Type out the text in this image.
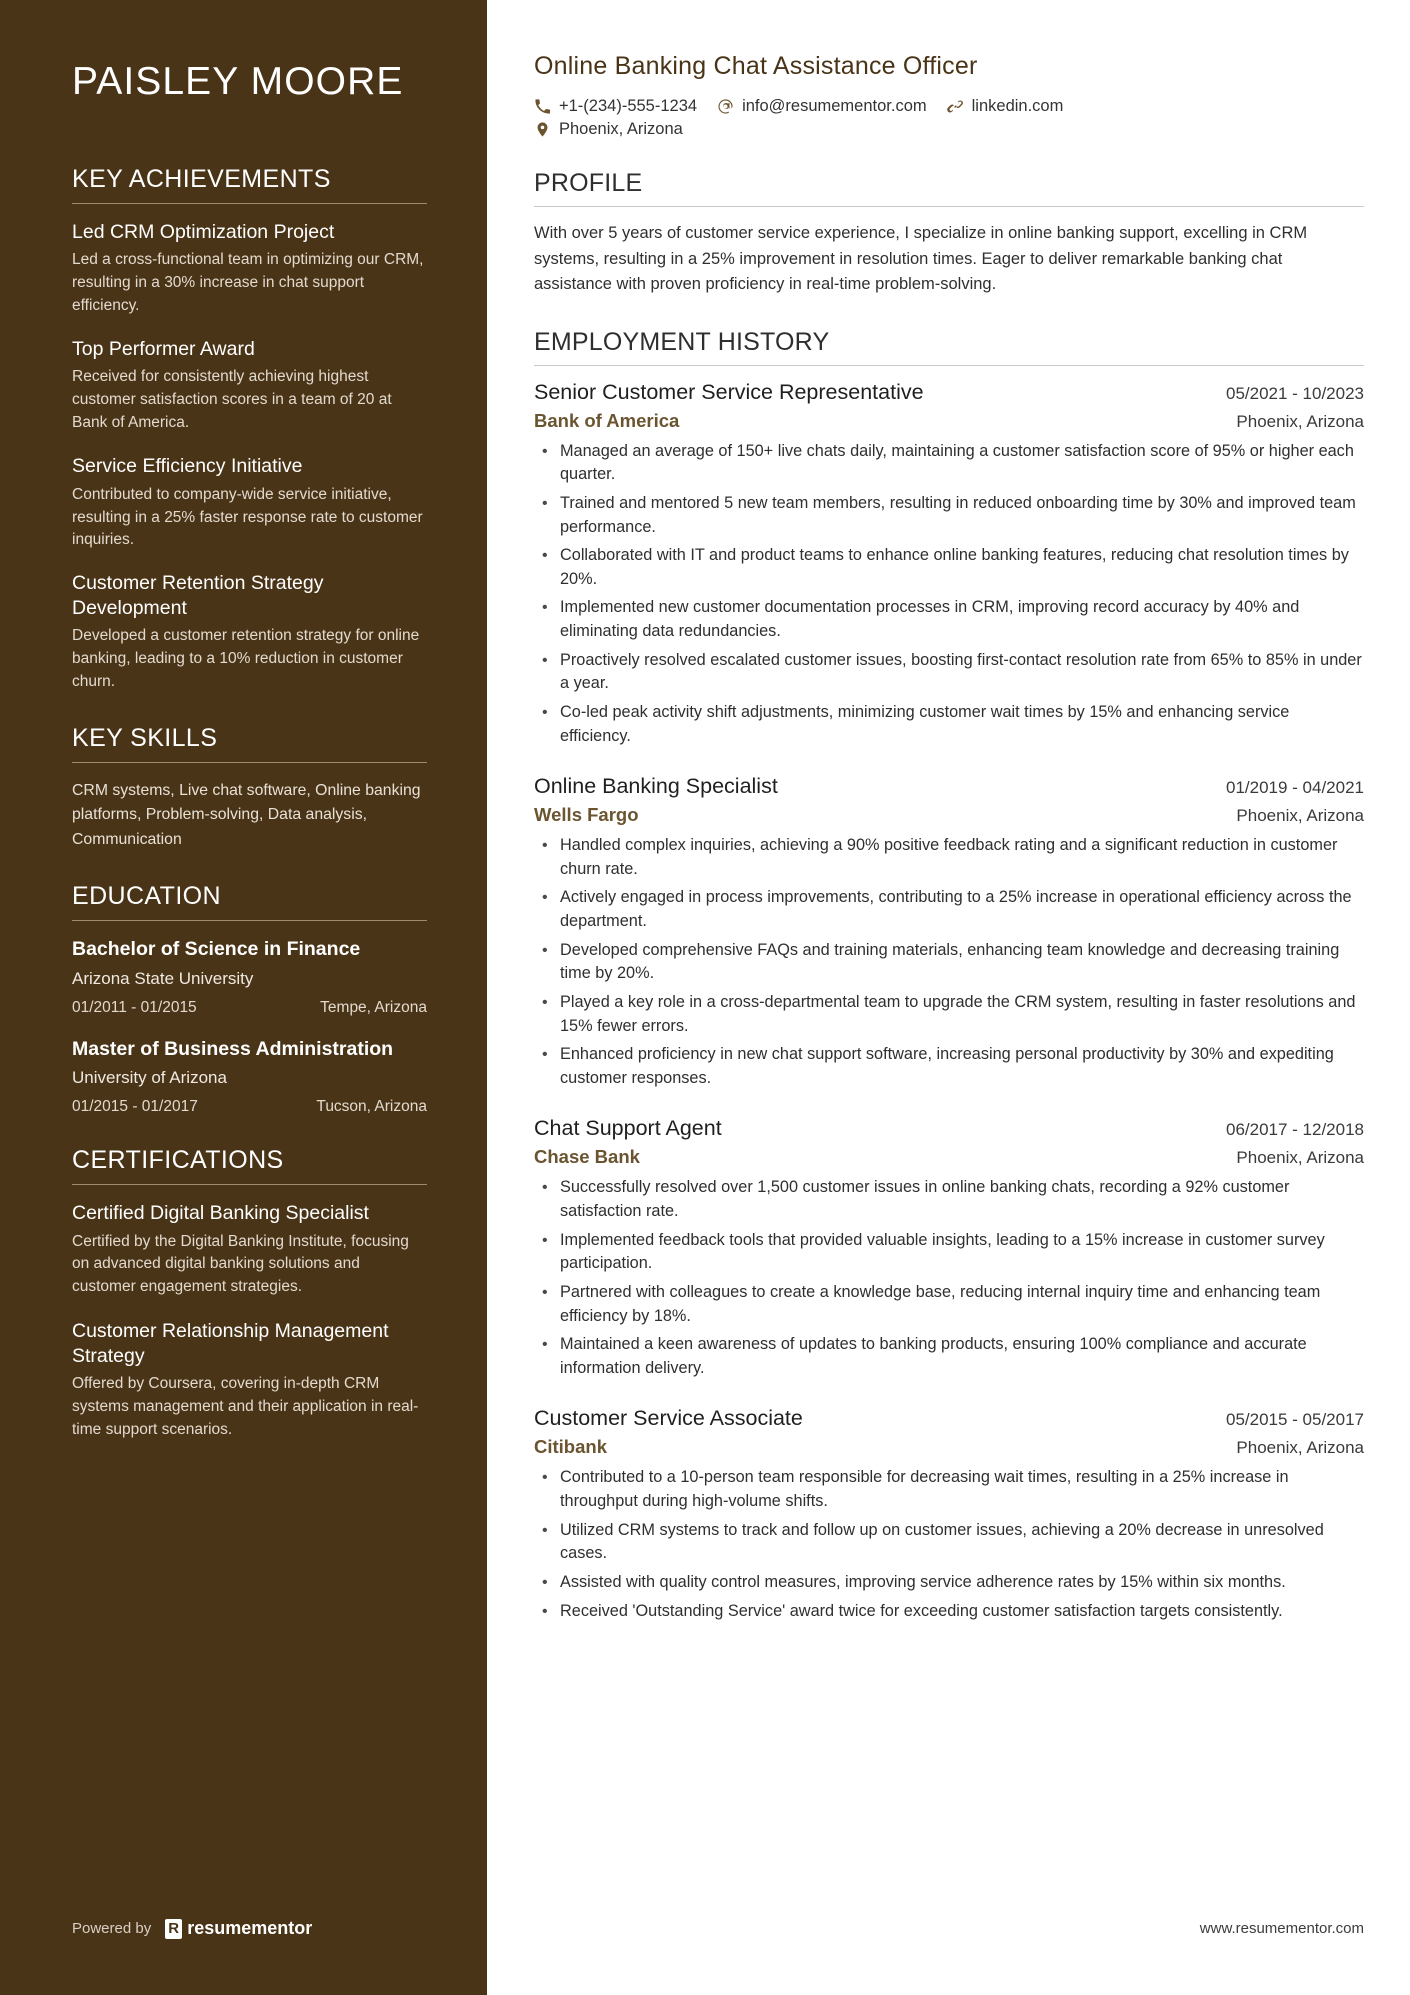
PAISLEY MOORE
KEY ACHIEVEMENTS
Led CRM Optimization Project
Led a cross-functional team in optimizing our CRM, resulting in a 30% increase in chat support efficiency.
Top Performer Award
Received for consistently achieving highest customer satisfaction scores in a team of 20 at Bank of America.
Service Efficiency Initiative
Contributed to company-wide service initiative, resulting in a 25% faster response rate to customer inquiries.
Customer Retention Strategy Development
Developed a customer retention strategy for online banking, leading to a 10% reduction in customer churn.
KEY SKILLS
CRM systems, Live chat software, Online banking platforms, Problem-solving, Data analysis, Communication
EDUCATION
Bachelor of Science in Finance
Arizona State University
01/2011 - 01/2015	Tempe, Arizona
Master of Business Administration
University of Arizona
01/2015 - 01/2017	Tucson, Arizona
CERTIFICATIONS
Certified Digital Banking Specialist
Certified by the Digital Banking Institute, focusing on advanced digital banking solutions and customer engagement strategies.
Customer Relationship Management Strategy
Offered by Coursera, covering in-depth CRM systems management and their application in real-time support scenarios.
Powered by R resumementor
Online Banking Chat Assistance Officer
+1-(234)-555-1234	info@resumementor.com	linkedin.com
Phoenix, Arizona
PROFILE

With over 5 years of customer service experience, I specialize in online banking support, excelling in CRM systems, resulting in a 25% improvement in resolution times. Eager to deliver remarkable banking chat assistance with proven proficiency in real-time problem-solving.

EMPLOYMENT HISTORY
Senior Customer Service Representative	05/2021 - 10/2023
Bank of America	Phoenix, Arizona
• Managed an average of 150+ live chats daily, maintaining a customer satisfaction score of 95% or higher each quarter.
• Trained and mentored 5 new team members, resulting in reduced onboarding time by 30% and improved team performance.
• Collaborated with IT and product teams to enhance online banking features, reducing chat resolution times by 20%.
• Implemented new customer documentation processes in CRM, improving record accuracy by 40% and eliminating data redundancies.
• Proactively resolved escalated customer issues, boosting first-contact resolution rate from 65% to 85% in under a year.
• Co-led peak activity shift adjustments, minimizing customer wait times by 15% and enhancing service efficiency.
Online Banking Specialist	01/2019 - 04/2021
Wells Fargo	Phoenix, Arizona
• Handled complex inquiries, achieving a 90% positive feedback rating and a significant reduction in customer churn rate.
• Actively engaged in process improvements, contributing to a 25% increase in operational efficiency across the department.
• Developed comprehensive FAQs and training materials, enhancing team knowledge and decreasing training time by 20%.
• Played a key role in a cross-departmental team to upgrade the CRM system, resulting in faster resolutions and 15% fewer errors.
• Enhanced proficiency in new chat support software, increasing personal productivity by 30% and expediting customer responses.
Chat Support Agent	06/2017 - 12/2018
Chase Bank	Phoenix, Arizona
• Successfully resolved over 1,500 customer issues in online banking chats, recording a 92% customer satisfaction rate.
• Implemented feedback tools that provided valuable insights, leading to a 15% increase in customer survey participation.
• Partnered with colleagues to create a knowledge base, reducing internal inquiry time and enhancing team efficiency by 18%.
• Maintained a keen awareness of updates to banking products, ensuring 100% compliance and accurate information delivery.
Customer Service Associate	05/2015 - 05/2017
Citibank	Phoenix, Arizona
• Contributed to a 10-person team responsible for decreasing wait times, resulting in a 25% increase in throughput during high-volume shifts.
• Utilized CRM systems to track and follow up on customer issues, achieving a 20% decrease in unresolved cases.
• Assisted with quality control measures, improving service adherence rates by 15% within six months.
• Received 'Outstanding Service' award twice for exceeding customer satisfaction targets consistently.
www.resumementor.com
